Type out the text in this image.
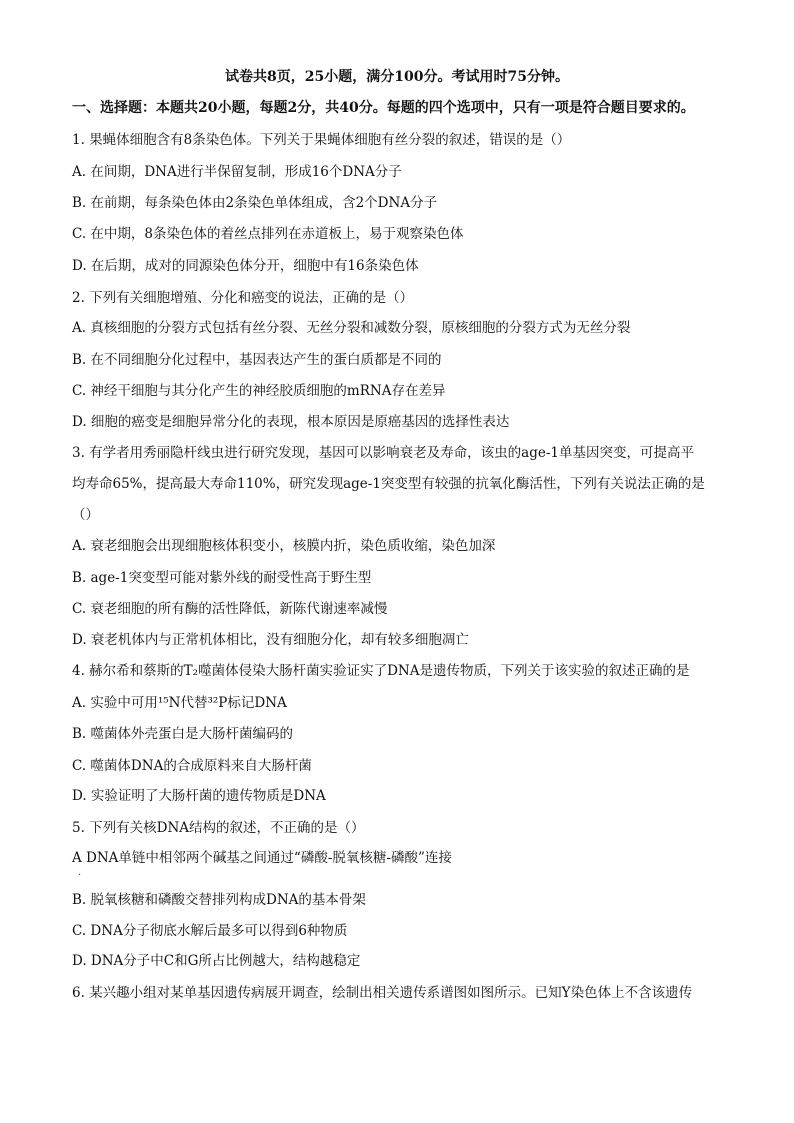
试卷共8页，25小题，满分100分。考试用时75分钟。
一、选择题：本题共20小题，每题2分，共40分。每题的四个选项中，只有一项是符合题目要求的。
1. 果蝇体细胞含有8条染色体。下列关于果蝇体细胞有丝分裂的叙述，错误的是（）
A. 在间期，DNA进行半保留复制，形成16个DNA分子
B. 在前期，每条染色体由2条染色单体组成，含2个DNA分子
C. 在中期，8条染色体的着丝点排列在赤道板上，易于观察染色体
D. 在后期，成对的同源染色体分开，细胞中有16条染色体
2. 下列有关细胞增殖、分化和癌变的说法，正确的是（）
A. 真核细胞的分裂方式包括有丝分裂、无丝分裂和减数分裂，原核细胞的分裂方式为无丝分裂
B. 在不同细胞分化过程中，基因表达产生的蛋白质都是不同的
C. 神经干细胞与其分化产生的神经胶质细胞的mRNA存在差异
D. 细胞的癌变是细胞异常分化的表现，根本原因是原癌基因的选择性表达
3. 有学者用秀丽隐杆线虫进行研究发现，基因可以影响衰老及寿命，该虫的age-1单基因突变，可提高平
均寿命65%，提高最大寿命110%，研究发现age-1突变型有较强的抗氧化酶活性，下列有关说法正确的是
（）
A. 衰老细胞会出现细胞核体积变小，核膜内折，染色质收缩，染色加深
B. age-1突变型可能对紫外线的耐受性高于野生型
C. 衰老细胞的所有酶的活性降低，新陈代谢速率减慢
D. 衰老机体内与正常机体相比，没有细胞分化，却有较多细胞凋亡
4. 赫尔希和蔡斯的T₂噬菌体侵染大肠杆菌实验证实了DNA是遗传物质，下列关于该实验的叙述正确的是
A. 实验中可用¹⁵N代替³²P标记DNA
B. 噬菌体外壳蛋白是大肠杆菌编码的
C. 噬菌体DNA的合成原料来自大肠杆菌
D. 实验证明了大肠杆菌的遗传物质是DNA
5. 下列有关核DNA结构的叙述，不正确的是（）
A DNA单链中相邻两个碱基之间通过“磷酸-脱氧核糖-磷酸”连接
B. 脱氧核糖和磷酸交替排列构成DNA的基本骨架
C. DNA分子彻底水解后最多可以得到6种物质
D. DNA分子中C和G所占比例越大，结构越稳定
6. 某兴趣小组对某单基因遗传病展开调查，绘制出相关遗传系谱图如图所示。已知Y染色体上不含该遗传
·
